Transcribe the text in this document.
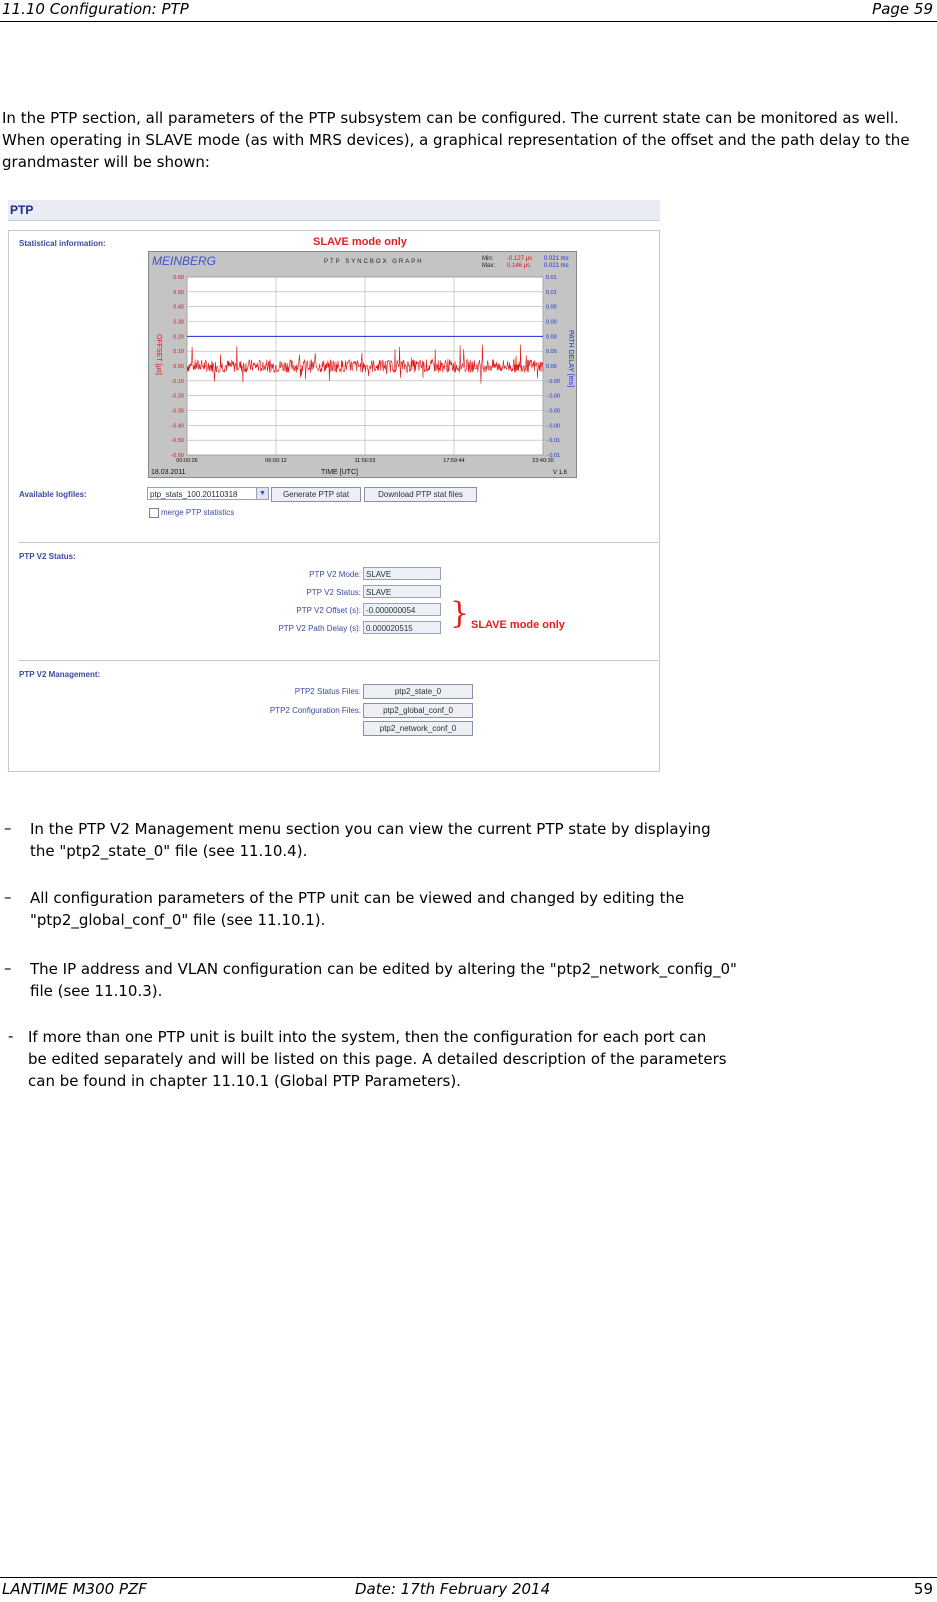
11.10 Configuration: PTP	Page 59
In the PTP section, all parameters of the PTP subsystem can be configured. The current state can be monitored as well. When operating in SLAVE mode (as with MRS devices), a graphical representation of the offset and the path delay to the grandmaster will be shown:
PTP
Statistical information:	SLAVE mode only
MEINBERG	PTP SYNCBOX GRAPH	Min:
Max:
-0.127 µs
0.146 µs
0.021 ms
0.021 ms
0.60	0.01
0.50	0.01
0.40	0.00
0.30	0.00
0.20	0.00
0.10	0.00
0.00	0.00
-0.10	- 0.00
-0.20	- 0.00
-0.30	- 0.00
-0.40	- 0.00
-0.50	- 0.01
-0.60	- 0.01
00:00:26	06:00:12	11:56:53	17:59:44	23:40:30
OFFSET [µs]	PATH DELAY [ms]
TIME [UTC]
18.03.2011	V 1.6
Available logfiles:	ptp_stats_100.20110318	▼	Generate PTP stat	Download PTP stat files
merge PTP statistics
PTP V2 Status:
PTP V2 Mode: SLAVE
PTP V2 Status: SLAVE
PTP V2 Offset (s): -0.000000054
PTP V2 Path Delay (s): 0.000020515	} SLAVE mode only
PTP V2 Management:
PTP2 Status Files:	ptp2_state_0
PTP2 Configuration Files:	ptp2_global_conf_0
ptp2_network_conf_0
– In the PTP V2 Management menu section you can view the current PTP state by displaying
the "ptp2_state_0" file (see 11.10.4).
– All configuration parameters of the PTP unit can be viewed and changed by editing the
"ptp2_global_conf_0" file (see 11.10.1).
– The IP address and VLAN configuration can be edited by altering the "ptp2_network_config_0"
file (see 11.10.3).
- If more than one PTP unit is built into the system, then the configuration for each port can
be edited separately and will be listed on this page. A detailed description of the parameters
can be found in chapter 11.10.1 (Global PTP Parameters).
LANTIME M300 PZF	Date: 17th February 2014	59
